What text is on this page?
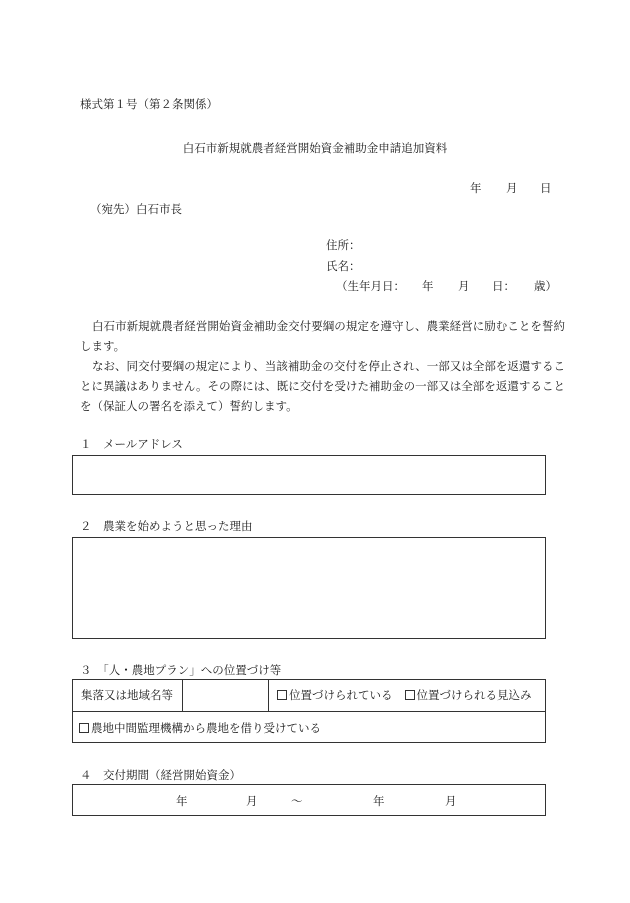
様式第１号（第２条関係）
白石市新規就農者経営開始資金補助金申請追加資料
年 月 日
（宛先）白石市長
住所：
氏名：
（生年月日： 年 月 日： 歳）
白石市新規就農者経営開始資金補助金交付要綱の規定を遵守し、農業経営に励むことを誓約します。
なお、同交付要綱の規定により、当該補助金の交付を停止され、一部又は全部を返還することに異議はありません。その際には、既に交付を受けた補助金の一部又は全部を返還することを（保証人の署名を添えて）誓約します。
１　メールアドレス
２　農業を始めようと思った理由
３　「人・農地プラン」への位置づけ等
集落又は地域名等	位置づけられている 位置づけられる見込み
農地中間監理機構から農地を借り受けている
４　交付期間（経営開始資金）
年	月	～	年	月
